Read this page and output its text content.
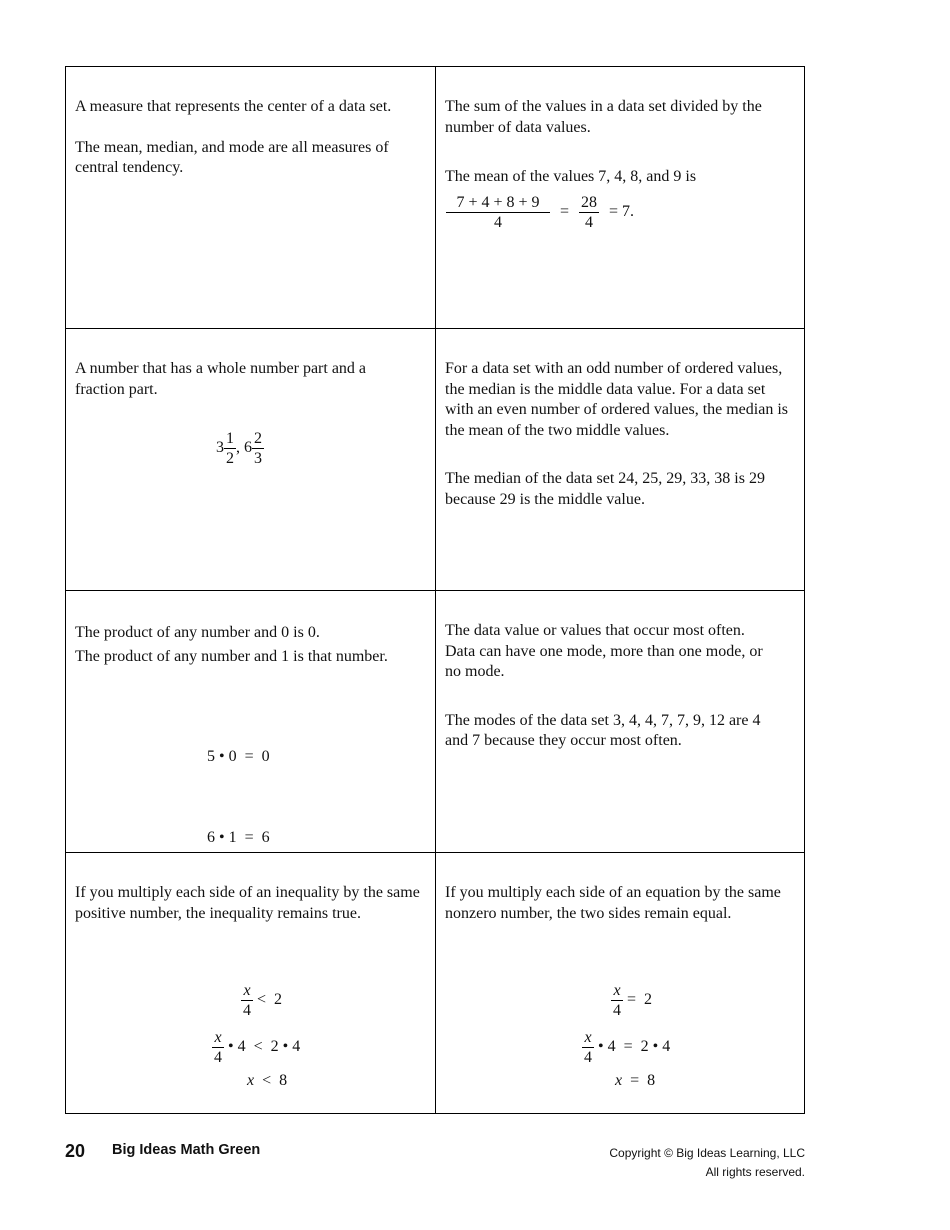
A measure that represents the center of a data set.

The mean, median, and mode are all measures of central tendency.

The sum of the values in a data set divided by the number of data values.

The mean of the values 7, 4, 8, and 9 is

$\frac{7 + 4 + 8 + 9}{4} = \frac{28}{4} = 7$.

A number that has a whole number part and a fraction part.

$3 \frac{1}{2}$ , $6 \frac{2}{3}$

For a data set with an odd number of ordered values, the median is the middle data value. For a data set with an even number of ordered values, the median is the mean of the two middle values.

The median of the data set 24, 25, 29, 33, 38 is 29 because 29 is the middle value.

The product of any number and 0 is 0.

The product of any number and 1 is that number.

5 • 0  =  0

6 • 1  =  6

The data value or values that occur most often. Data can have one mode, more than one mode, or no mode.

The modes of the data set 3, 4, 4, 7, 7, 9, 12 are 4 and 7 because they occur most often.

If you multiply each side of an inequality by the same positive number, the inequality remains true.

$\frac{x}{4} < 2$

$\frac{x}{4}$ • 4  <  2 • 4

x <  8

If you multiply each side of an equation by the same nonzero number, the two sides remain equal.

$\frac{x}{4} = 2$

$\frac{x}{4}$ • 4  =  2 • 4

x =  8

20 Big Ideas Math Green	Copyright © Big Ideas Learning, LLC
All rights reserved.
